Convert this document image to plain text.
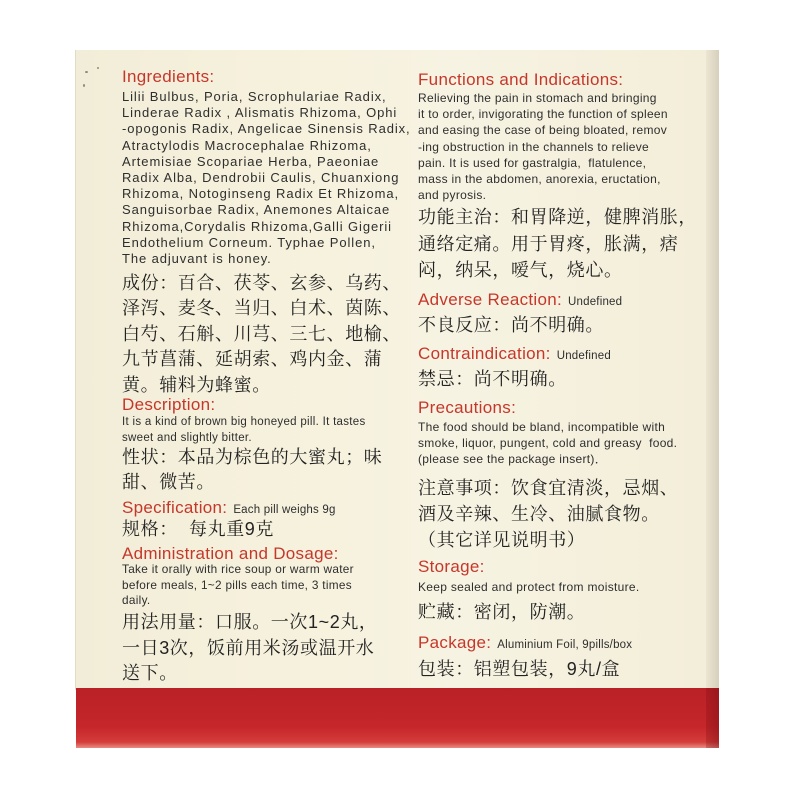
Ingredients:
Lilii Bulbus, Poria, Scrophulariae Radix,
Linderae Radix , Alismatis Rhizoma, Ophi
-opogonis Radix, Angelicae Sinensis Radix,
Atractylodis Macrocephalae Rhizoma,
Artemisiae Scopariae Herba, Paeoniae
Radix Alba, Dendrobii Caulis, Chuanxiong
Rhizoma, Notoginseng Radix Et Rhizoma,
Sanguisorbae Radix, Anemones Altaicae
Rhizoma,Corydalis Rhizoma,Galli Gigerii
Endothelium Corneum. Typhae Pollen,
The adjuvant is honey.
成份：百合、茯苓、玄参、乌药、
泽泻、麦冬、当归、白术、茵陈、
白芍、石斛、川芎、三七、地榆、
九节菖蒲、延胡索、鸡内金、蒲
黄。辅料为蜂蜜。
Description:
It is a kind of brown big honeyed pill. It tastes
sweet and slightly bitter.
性状：本品为棕色的大蜜丸；味
甜、微苦。
Specification: Each pill weighs 9g
规格：  每丸重9克
Administration and Dosage:
Take it orally with rice soup or warm water
before meals, 1~2 pills each time, 3 times
daily.
用法用量：口服。一次1~2丸，
一日3次，饭前用米汤或温开水
送下。
Functions and Indications:
Relieving the pain in stomach and bringing
it to order, invigorating the function of spleen
and easing the case of being bloated, remov
-ing obstruction in the channels to relieve
pain. It is used for gastralgia,  flatulence,
mass in the abdomen, anorexia, eructation,
and pyrosis.
功能主治：和胃降逆，健脾消胀，
通络定痛。用于胃疼，胀满，痞
闷，纳呆，嗳气，烧心。
Adverse Reaction: Undefined
不良反应：尚不明确。
Contraindication: Undefined
禁忌：尚不明确。
Precautions:
The food should be bland, incompatible with
smoke, liquor, pungent, cold and greasy  food.
(please see the package insert)．
注意事项：饮食宜清淡，忌烟、
酒及辛辣、生冷、油腻食物。
（其它详见说明书）
Storage:
Keep sealed and protect from moisture.
贮藏：密闭，防潮。
Package: Aluminium Foil, 9pills/box
包装：铝塑包装，9丸/盒
